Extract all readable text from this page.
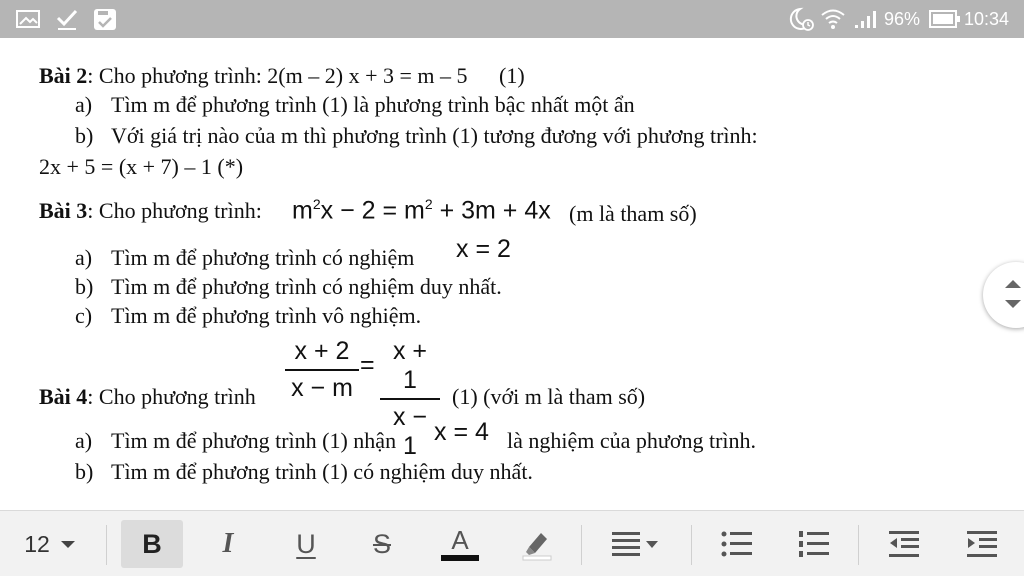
96% 10:34
Bài 2: Cho phương trình: 2(m – 2) x + 3 = m – 5 (1)
a) Tìm m để phương trình (1) là phương trình bậc nhất một ẩn
b) Với giá trị nào của m thì phương trình (1) tương đương với phương trình:
2x + 5 = (x + 7) – 1 (*)
Bài 3: Cho phương trình: $m^2x - 2 = m^2 + 3m + 4x$ (m là tham số)
a) Tìm m để phương trình có nghiệm x = 2
b) Tìm m để phương trình có nghiệm duy nhất.
c) Tìm m để phương trình vô nghiệm.
$\frac{x + 2}{x - m} = \frac{x + 1}{x - 1}$
Bài 4: Cho phương trình	(1) (với m là tham số)
a) Tìm m để phương trình (1) nhận x = 4 là nghiệm của phương trình.
b) Tìm m để phương trình (1) có nghiệm duy nhất.
12	B I U S A
